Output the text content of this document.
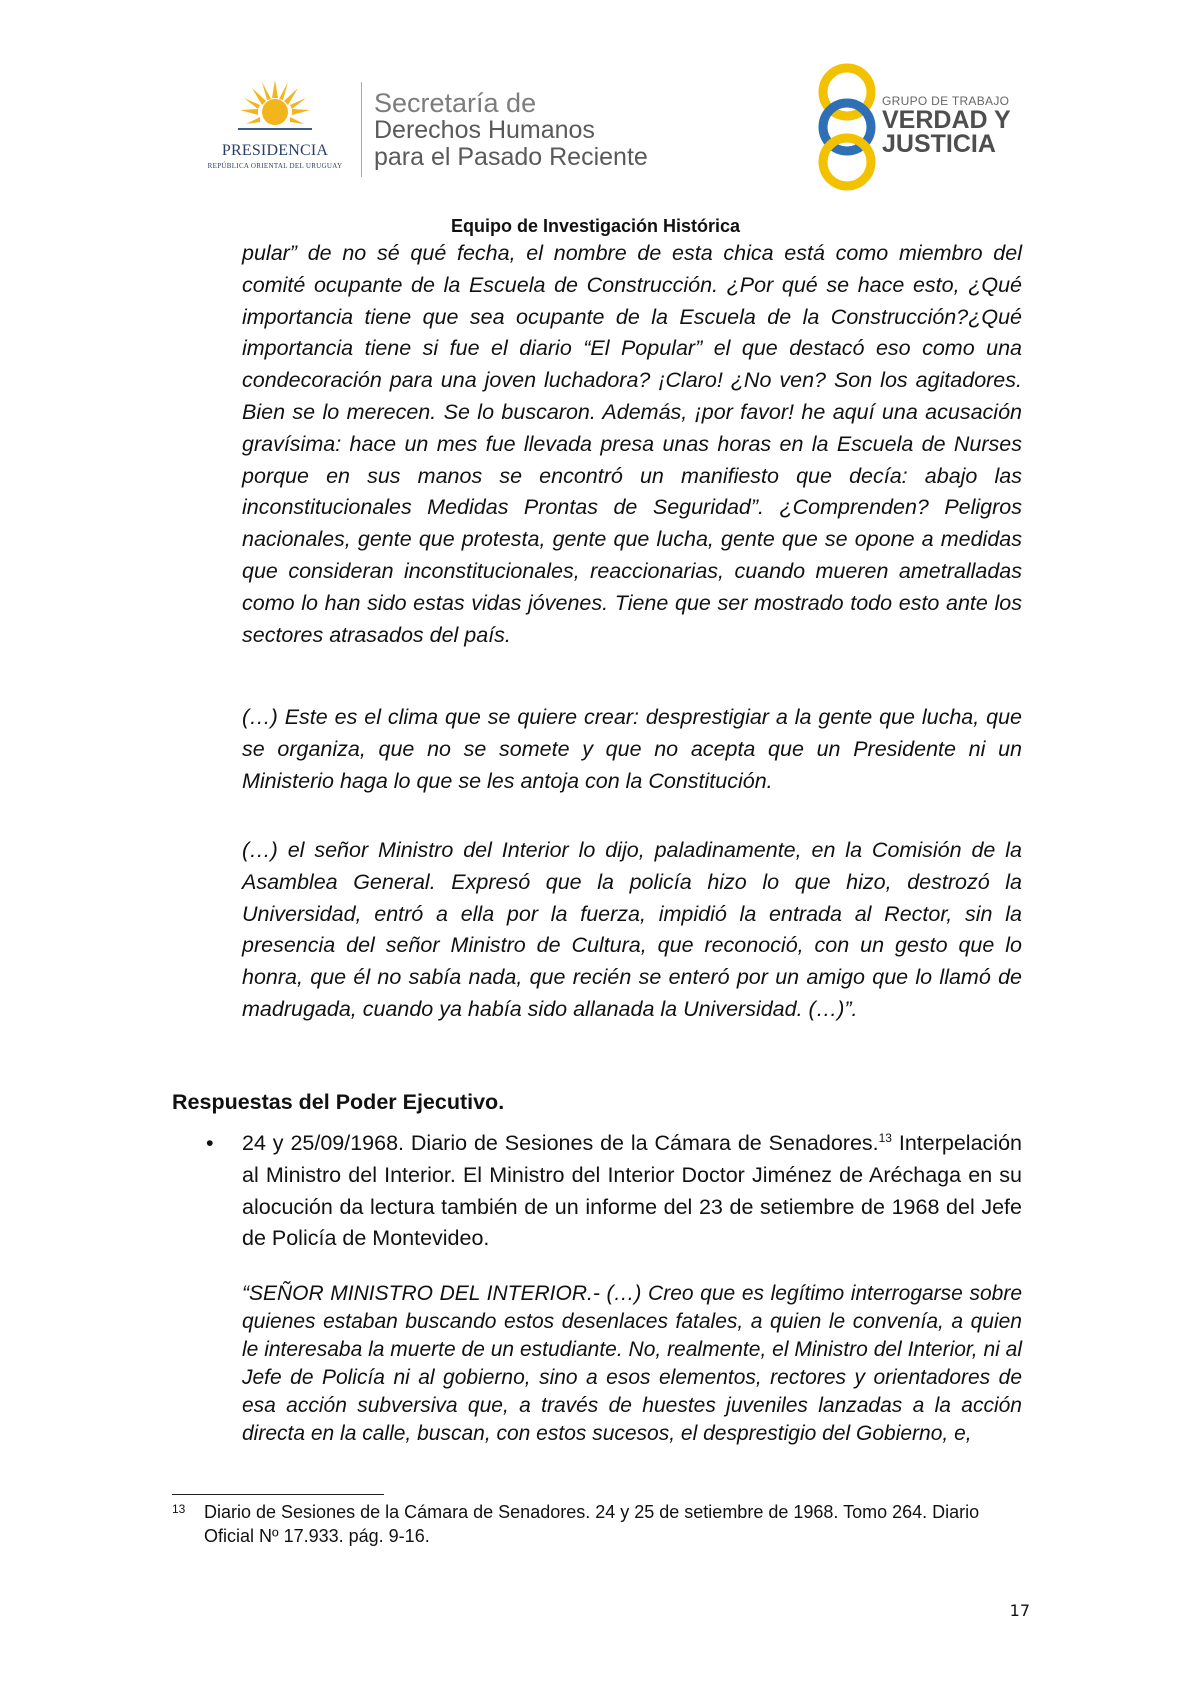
PRESIDENCIA
REPÚBLICA ORIENTAL DEL URUGUAY
Secretaría de
Derechos Humanos
para el Pasado Reciente
GRUPO DE TRABAJO
VERDAD Y
JUSTICIA
Equipo de Investigación Histórica

pular” de no sé qué fecha, el nombre de esta chica está como miembro del comité ocupante de la Escuela de Construcción. ¿Por qué se hace esto, ¿Qué importancia tiene que sea ocupante de la Escuela de la Construcción?¿Qué importancia tiene si fue el diario “El Popular” el que destacó eso como una condecoración para una joven luchadora? ¡Claro! ¿No ven? Son los agitadores. Bien se lo merecen. Se lo buscaron. Además, ¡por favor! he aquí una acusación gravísima: hace un mes fue llevada presa unas horas en la Escuela de Nurses porque en sus manos se encontró un manifiesto que decía: abajo las inconstitucionales Medidas Prontas de Seguridad”. ¿Comprenden? Peligros nacionales, gente que protesta, gente que lucha, gente que se opone a medidas que consideran inconstitucionales, reaccionarias, cuando mueren ametralladas como lo han sido estas vidas jóvenes. Tiene que ser mostrado todo esto ante los sectores atrasados del país.

(…) Este es el clima que se quiere crear: desprestigiar a la gente que lucha, que se organiza, que no se somete y que no acepta que un Presidente ni un Ministerio haga lo que se les antoja con la Constitución.

(…) el señor Ministro del Interior lo dijo, paladinamente, en la Comisión de la Asamblea General. Expresó que la policía hizo lo que hizo, destrozó la Universidad, entró a ella por la fuerza, impidió la entrada al Rector, sin la presencia del señor Ministro de Cultura, que reconoció, con un gesto que lo honra, que él no sabía nada, que recién se enteró por un amigo que lo llamó de madrugada, cuando ya había sido allanada la Universidad. (…)”.

Respuestas del Poder Ejecutivo.
• 24 y 25/09/1968. Diario de Sesiones de la Cámara de Senadores.$^{13}$ Interpelación al Ministro del Interior. El Ministro del Interior Doctor Jiménez de Aréchaga en su alocución da lectura también de un informe del 23 de setiembre de 1968 del Jefe de Policía de Montevideo.

“SEÑOR MINISTRO DEL INTERIOR.- (…) Creo que es legítimo interrogarse sobre quienes estaban buscando estos desenlaces fatales, a quien le convenía, a quien le interesaba la muerte de un estudiante. No, realmente, el Ministro del Interior, ni al Jefe de Policía ni al gobierno, sino a esos elementos, rectores y orientadores de esa acción subversiva que, a través de huestes juveniles lanzadas a la acción directa en la calle, buscan, con estos sucesos, el desprestigio del Gobierno, e,

13 Diario de Sesiones de la Cámara de Senadores. 24 y 25 de setiembre de 1968. Tomo 264. Diario Oficial Nº 17.933. pág. 9-16.

17
